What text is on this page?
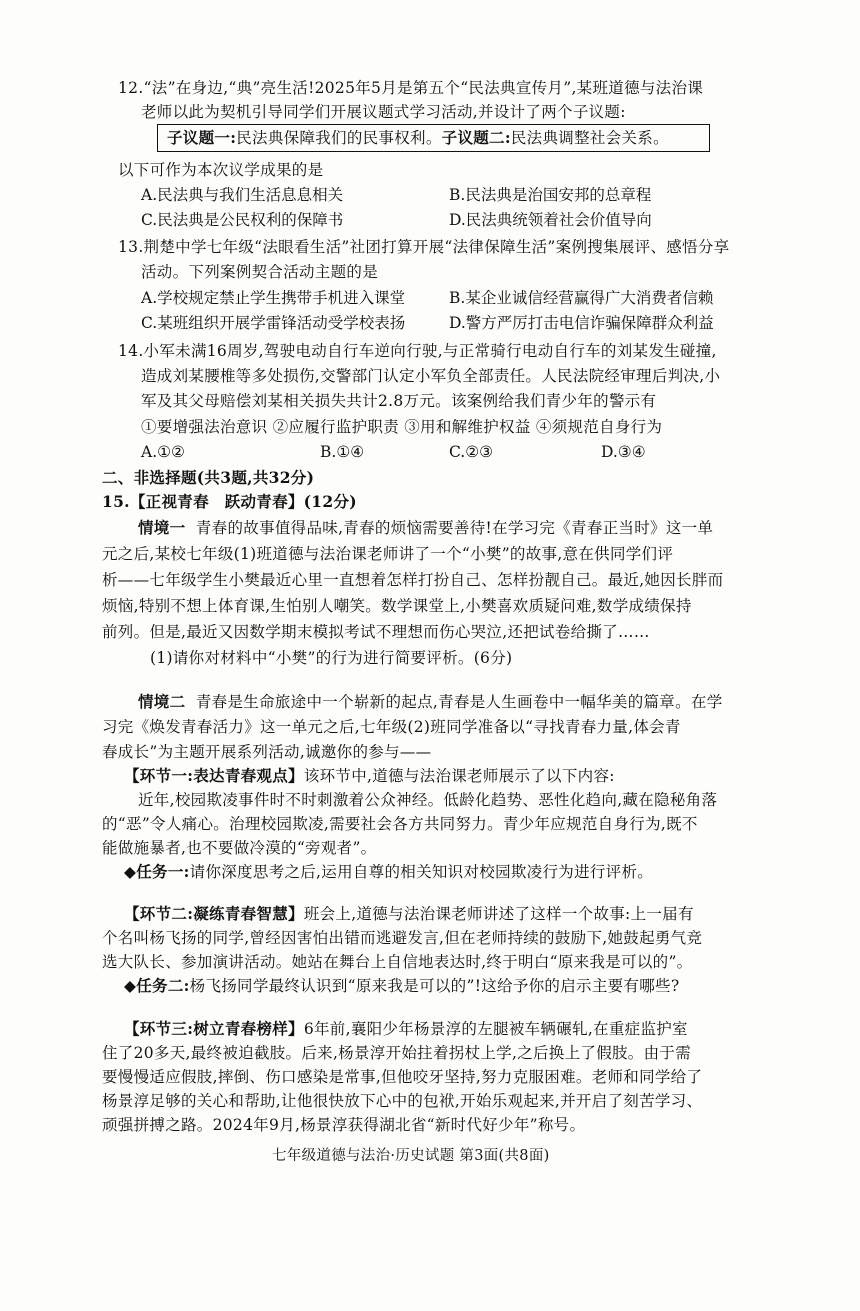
12.“法”在身边,“典”亮生活!2025年5月是第五个“民法典宣传月”,某班道德与法治课
老师以此为契机引导同学们开展议题式学习活动,并设计了两个子议题:
子议题一:民法典保障我们的民事权利。子议题二:民法典调整社会关系。
以下可作为本次议学成果的是
A.民法典与我们生活息息相关	B.民法典是治国安邦的总章程
C.民法典是公民权利的保障书	D.民法典统领着社会价值导向
13.荆楚中学七年级“法眼看生活”社团打算开展“法律保障生活”案例搜集展评、感悟分享
活动。下列案例契合活动主题的是
A.学校规定禁止学生携带手机进入课堂	B.某企业诚信经营赢得广大消费者信赖
C.某班组织开展学雷锋活动受学校表扬	D.警方严厉打击电信诈骗保障群众利益
14.小军未满16周岁,驾驶电动自行车逆向行驶,与正常骑行电动自行车的刘某发生碰撞,
造成刘某腰椎等多处损伤,交警部门认定小军负全部责任。人民法院经审理后判决,小
军及其父母赔偿刘某相关损失共计2.8万元。该案例给我们青少年的警示有
①要增强法治意识 ②应履行监护职责 ③用和解维护权益 ④须规范自身行为
A.①②	B.①④	C.②③	D.③④
二、非选择题(共3题,共32分)
15.【正视青春　跃动青春】(12分)
情境一 青春的故事值得品味,青春的烦恼需要善待!在学习完《青春正当时》这一单
元之后,某校七年级(1)班道德与法治课老师讲了一个“小樊”的故事,意在供同学们评
析——七年级学生小樊最近心里一直想着怎样打扮自己、怎样扮靓自己。最近,她因长胖而
烦恼,特别不想上体育课,生怕别人嘲笑。数学课堂上,小樊喜欢质疑问难,数学成绩保持
前列。但是,最近又因数学期末模拟考试不理想而伤心哭泣,还把试卷给撕了……
(1)请你对材料中“小樊”的行为进行简要评析。(6分)
情境二 青春是生命旅途中一个崭新的起点,青春是人生画卷中一幅华美的篇章。在学
习完《焕发青春活力》这一单元之后,七年级(2)班同学准备以“寻找青春力量,体会青
春成长”为主题开展系列活动,诚邀你的参与——
【环节一:表达青春观点】该环节中,道德与法治课老师展示了以下内容:
近年,校园欺凌事件时不时刺激着公众神经。低龄化趋势、恶性化趋向,藏在隐秘角落
的“恶”令人痛心。治理校园欺凌,需要社会各方共同努力。青少年应规范自身行为,既不
能做施暴者,也不要做冷漠的“旁观者”。
◆任务一:请你深度思考之后,运用自尊的相关知识对校园欺凌行为进行评析。
【环节二:凝练青春智慧】班会上,道德与法治课老师讲述了这样一个故事:上一届有
个名叫杨飞扬的同学,曾经因害怕出错而逃避发言,但在老师持续的鼓励下,她鼓起勇气竞
选大队长、参加演讲活动。她站在舞台上自信地表达时,终于明白“原来我是可以的”。
◆任务二:杨飞扬同学最终认识到“原来我是可以的”!这给予你的启示主要有哪些?
【环节三:树立青春榜样】6年前,襄阳少年杨景淳的左腿被车辆碾轧,在重症监护室
住了20多天,最终被迫截肢。后来,杨景淳开始拄着拐杖上学,之后换上了假肢。由于需
要慢慢适应假肢,摔倒、伤口感染是常事,但他咬牙坚持,努力克服困难。老师和同学给了
杨景淳足够的关心和帮助,让他很快放下心中的包袱,开始乐观起来,并开启了刻苦学习、
顽强拼搏之路。2024年9月,杨景淳获得湖北省“新时代好少年”称号。
七年级道德与法治·历史试题 第3面(共8面)
